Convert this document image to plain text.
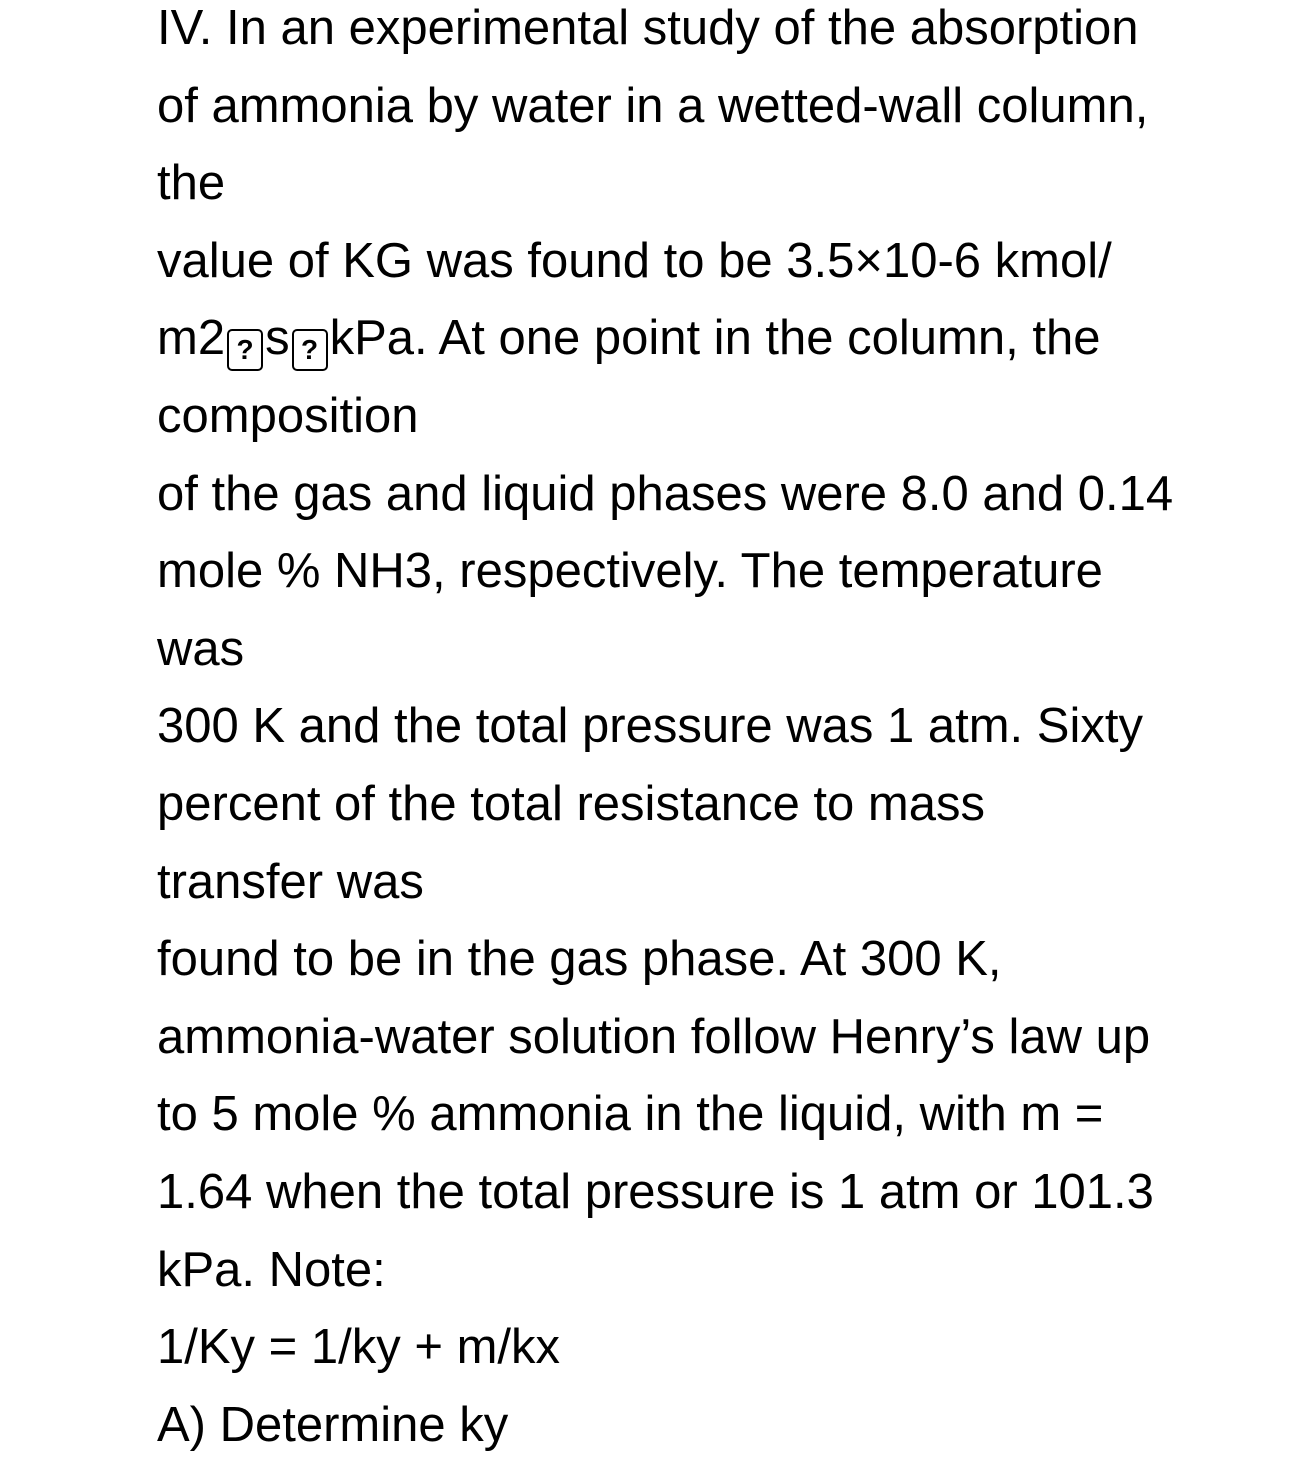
IV. In an experimental study of the absorption
of ammonia by water in a wetted-wall column,
the
value of KG was found to be 3.5×10-6 kmol/
m2 ? s ? kPa. At one point in the column, the
composition
of the gas and liquid phases were 8.0 and 0.14
mole % NH3, respectively. The temperature
was
300 K and the total pressure was 1 atm. Sixty
percent of the total resistance to mass
transfer was
found to be in the gas phase. At 300 K,
ammonia-water solution follow Henry’s law up
to 5 mole % ammonia in the liquid, with m =
1.64 when the total pressure is 1 atm or 101.3
kPa. Note:
1/Ky = 1/ky + m/kx
A) Determine ky
